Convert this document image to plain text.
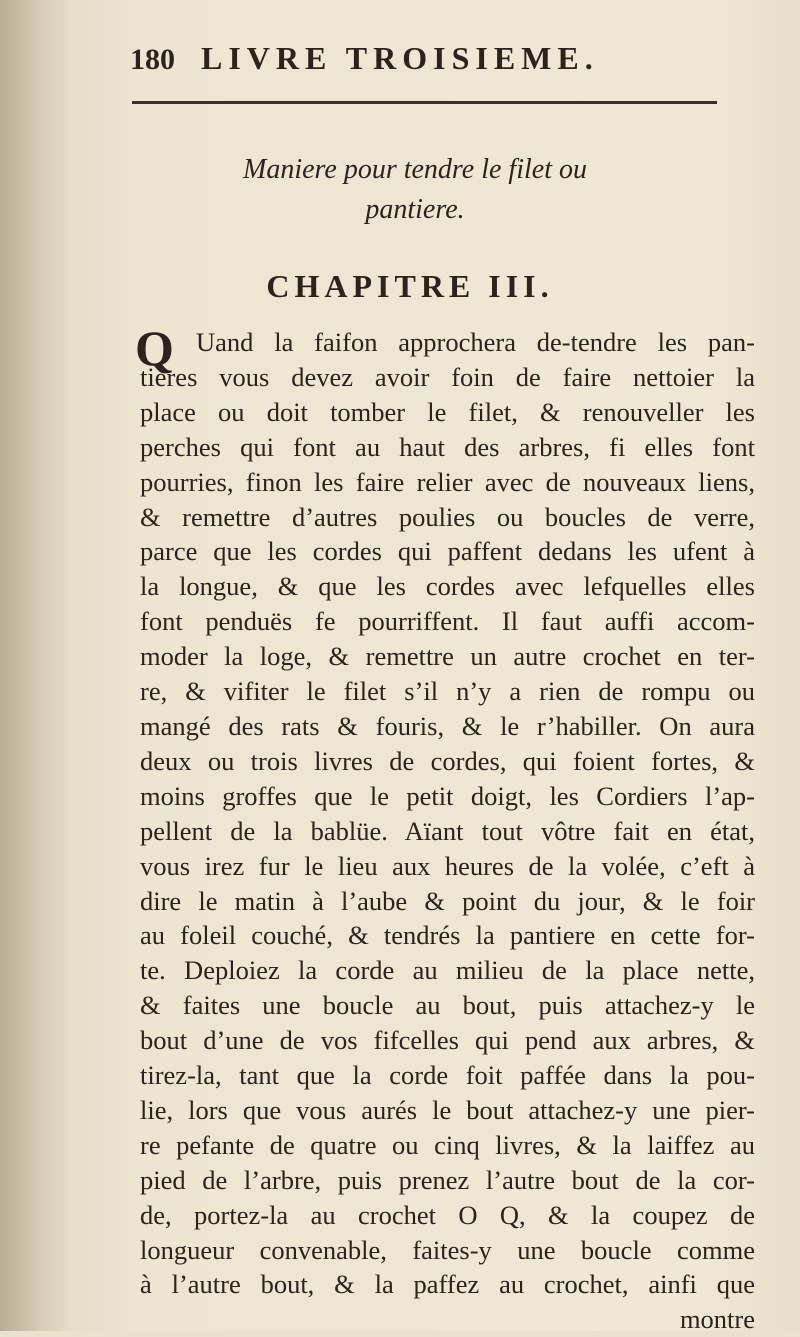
180 LIVRE TROISIEME.
Maniere pour tendre le filet ou
pantiere.
CHAPITRE III.
Q Uand la faifon approchera de-tendre les pan-
tieres vous devez avoir foin de faire nettoier la
place ou doit tomber le filet, & renouveller les
perches qui font au haut des arbres, fi elles font
pourries, finon les faire relier avec de nouveaux liens,
& remettre d’autres poulies ou boucles de verre,
parce que les cordes qui paffent dedans les ufent à
la longue, & que les cordes avec lefquelles elles
font penduës fe pourriffent. Il faut auffi accom-
moder la loge, & remettre un autre crochet en ter-
re, & vifiter le filet s’il n’y a rien de rompu ou
mangé des rats & fouris, & le r’habiller. On aura
deux ou trois livres de cordes, qui foient fortes, &
moins groffes que le petit doigt, les Cordiers l’ap-
pellent de la bablüe. Aïant tout vôtre fait en état,
vous irez fur le lieu aux heures de la volée, c’eft à
dire le matin à l’aube & point du jour, & le foir
au foleil couché, & tendrés la pantiere en cette for-
te. Deploiez la corde au milieu de la place nette,
& faites une boucle au bout, puis attachez-y le
bout d’une de vos fifcelles qui pend aux arbres, &
tirez-la, tant que la corde foit paffée dans la pou-
lie, lors que vous aurés le bout attachez-y une pier-
re pefante de quatre ou cinq livres, & la laiffez au
pied de l’arbre, puis prenez l’autre bout de la cor-
de, portez-la au crochet O Q, & la coupez de
longueur convenable, faites-y une boucle comme
à l’autre bout, & la paffez au crochet, ainfi que
montre
